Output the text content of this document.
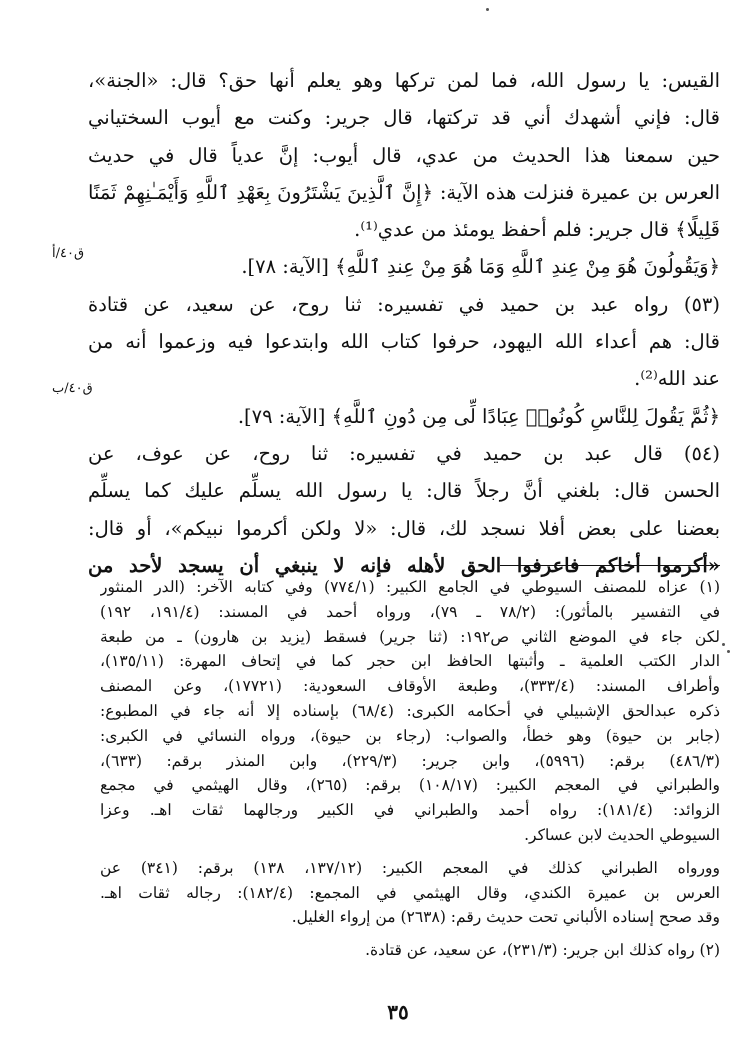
القيس: يا رسول الله، فما لمن تركها وهو يعلم أنها حق؟ قال: «الجنة»،
قال: فإني أشهدك أني قد تركتها، قال جرير: وكنت مع أيوب السختياني
حين سمعنا هذا الحديث من عدي، قال أيوب: إنَّ عدياً قال في حديث
العرس بن عميرة فنزلت هذه الآية: ﴿إِنَّ ٱلَّذِينَ يَشْتَرُونَ بِعَهْدِ ٱللَّهِ وَأَيْمَـٰنِهِمْ ثَمَنًا
قَلِيلًا﴾ قال جرير: فلم أحفظ يومئذ من عدي⁽¹⁾.
﴿وَيَقُولُونَ هُوَ مِنْ عِندِ ٱللَّهِ وَمَا هُوَ مِنْ عِندِ ٱللَّهِ﴾ [الآية: ٧٨].
(٥٣) رواه عبد بن حميد في تفسيره: ثنا روح، عن سعيد، عن قتادة
قال: هم أعداء الله اليهود، حرفوا كتاب الله وابتدعوا فيه وزعموا أنه من
عند الله⁽²⁾.
﴿ثُمَّ يَقُولَ لِلنَّاسِ كُونُوا۟ عِبَادًا لِّى مِن دُونِ ٱللَّهِ﴾ [الآية: ٧٩].
(٥٤) قال عبد بن حميد في تفسيره: ثنا روح، عن عوف، عن
الحسن قال: بلغني أنَّ رجلاً قال: يا رسول الله يسلِّم عليك كما يسلِّم
بعضنا على بعض أفلا نسجد لك، قال: «لا ولكن أكرموا نبيكم»، أو قال:
«أكرموا أخاكم فاعرفوا الحق لأهله فإنه لا ينبغي أن يسجد لأحد من
ق٤٠/أ
ق٤٠/ب
(١) عزاه للمصنف السيوطي في الجامع الكبير: (٧٧٤/١) وفي كتابه الآخر: (الدر المنثور
في التفسير بالمأثور): (٧٨/٢ ـ ٧٩)، ورواه أحمد في المسند: (١٩١/٤، ١٩٢)
لكن جاء في الموضع الثاني ص١٩٢: (ثنا جرير) فسقط (يزيد بن هارون) ـ من طبعة
الدار الكتب العلمية ـ وأثبتها الحافظ ابن حجر كما في إتحاف المهرة: (١٣٥/١١)،
وأطراف المسند: (٣٣٣/٤)، وطبعة الأوقاف السعودية: (١٧٧٢١)، وعن المصنف
ذكره عبدالحق الإشبيلي في أحكامه الكبرى: (٦٨/٤) بإسناده إلا أنه جاء في المطبوع:
(جابر بن حيوة) وهو خطأ، والصواب: (رجاء بن حيوة)، ورواه النسائي في الكبرى:
(٤٨٦/٣) برقم: (٥٩٩٦)، وابن جرير: (٢٢٩/٣)، وابن المنذر برقم: (٦٣٣)،
والطبراني في المعجم الكبير: (١٠٨/١٧) برقم: (٢٦٥)، وقال الهيثمي في مجمع
الزوائد: (١٨١/٤): رواه أحمد والطبراني في الكبير ورجالهما ثقات اهـ. وعزا
السيوطي الحديث لابن عساكر.
وورواه الطبراني كذلك في المعجم الكبير: (١٣٧/١٢، ١٣٨) برقم: (٣٤١) عن
العرس بن عميرة الكندي، وقال الهيثمي في المجمع: (١٨٢/٤): رجاله ثقات اهـ.
وقد صحح إسناده الألباني تحت حديث رقم: (٢٦٣٨) من إرواء الغليل.
(٢) رواه كذلك ابن جرير: (٢٣١/٣)، عن سعيد، عن قتادة.
٣٥
